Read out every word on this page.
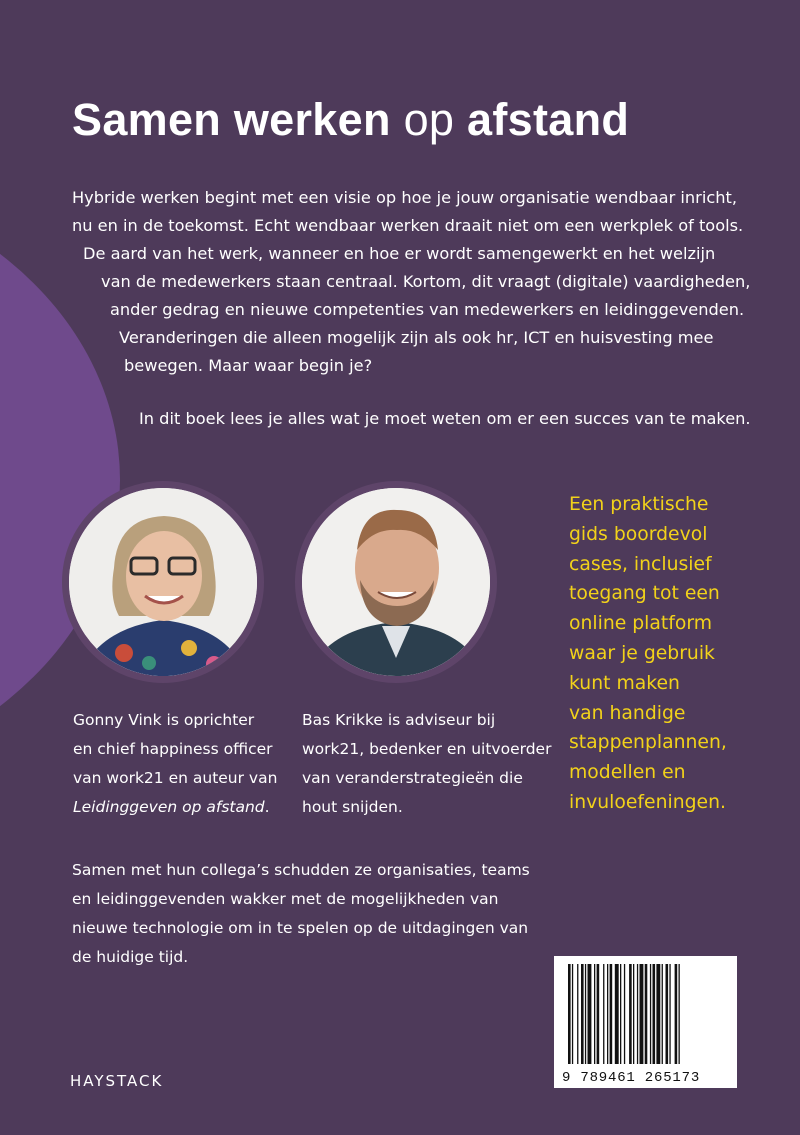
Samen werken op afstand
Hybride werken begint met een visie op hoe je jouw organisatie wendbaar inricht,
nu en in de toekomst. Echt wendbaar werken draait niet om een werkplek of tools.
De aard van het werk, wanneer en hoe er wordt samengewerkt en het welzijn
van de medewerkers staan centraal. Kortom, dit vraagt (digitale) vaardigheden,
ander gedrag en nieuwe competenties van medewerkers en leidinggevenden.
Veranderingen die alleen mogelijk zijn als ook hr, ICT en huisvesting mee
bewegen. Maar waar begin je?
In dit boek lees je alles wat je moet weten om er een succes van te maken.
Gonny Vink is oprichter
en chief happiness officer
van work21 en auteur van
Leidinggeven op afstand.
Bas Krikke is adviseur bij
work21, bedenker en uitvoerder
van veranderstrategieën die
hout snijden.
Een praktische
gids boordevol
cases, inclusief
toegang tot een
online platform
waar je gebruik
kunt maken
van handige
stappenplannen,
modellen en
invuloefeningen.
Samen met hun collega’s schudden ze organisaties, teams
en leidinggevenden wakker met de mogelijkheden van
nieuwe technologie om in te spelen op de uitdagingen van
de huidige tijd.
HAYSTACK	9 789461 265173
